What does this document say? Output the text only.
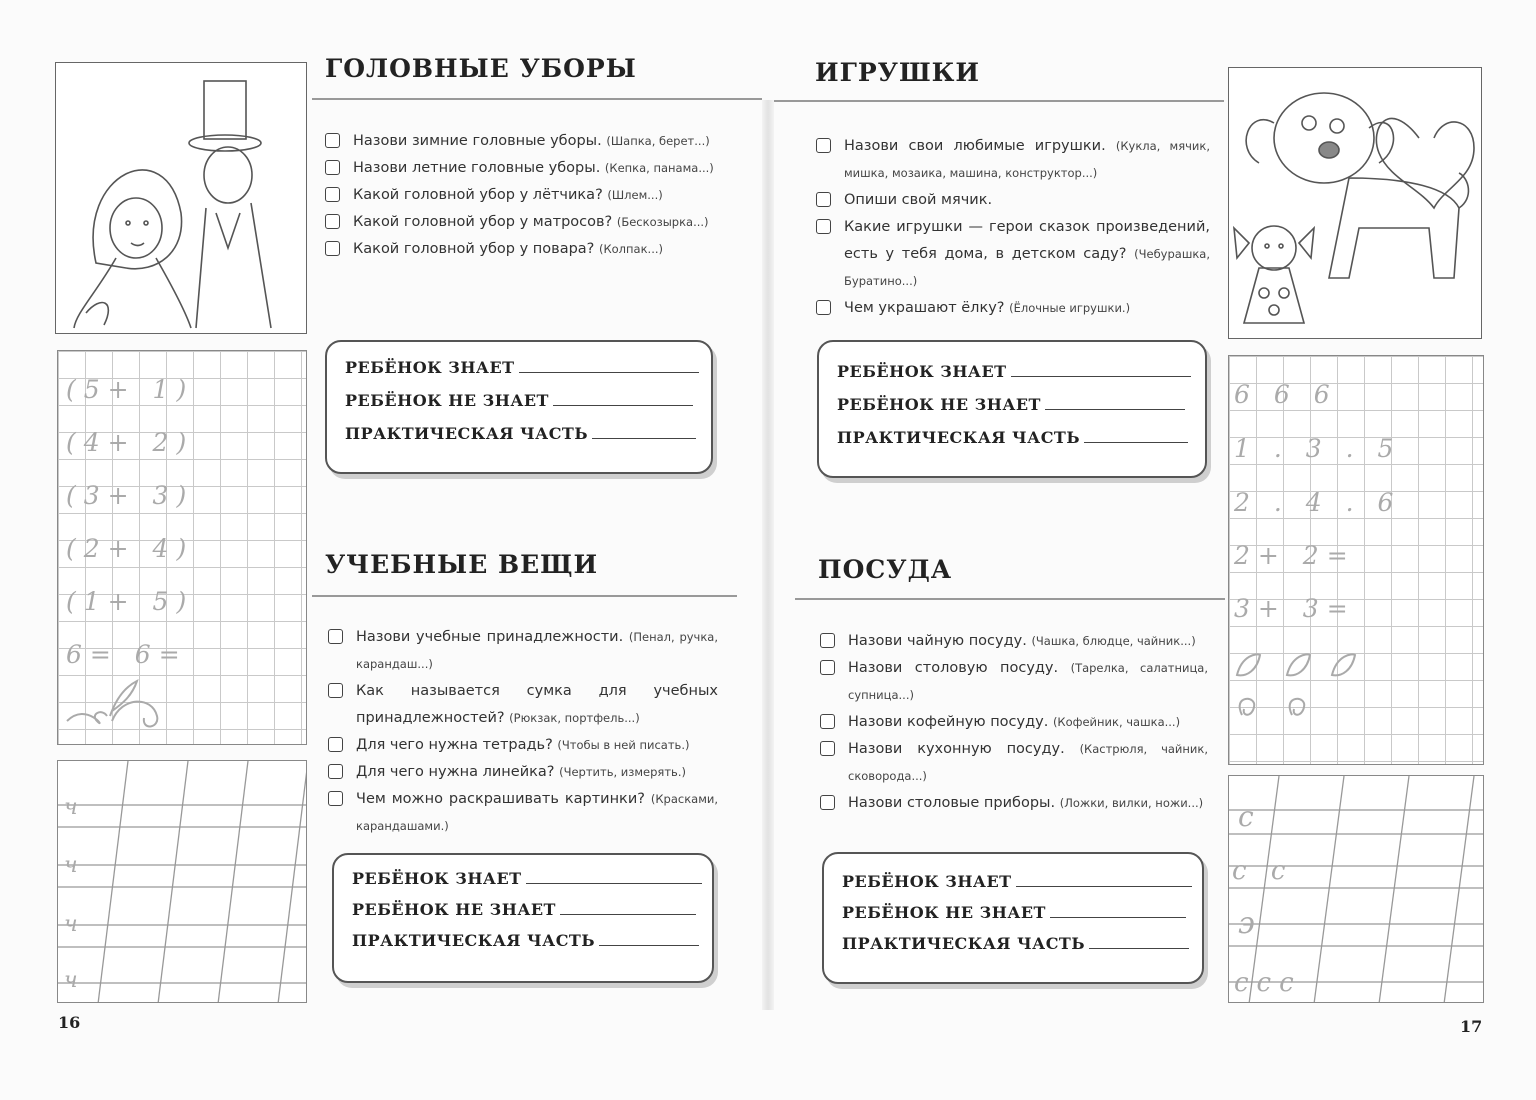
(5+ 1)
(4+ 2)
(3+ 3)
(2+ 4)
(1+ 5)
6= 6=
ч
ч
ч
ч
ГОЛОВНЫЕ УБОРЫ
Назови зимние головные уборы. (Шапка, берет...)
Назови летние головные уборы. (Кепка, панама...)
Какой головной убор у лётчика? (Шлем...)
Какой головной убор у матросов? (Бескозырка...)
Какой головной убор у повара? (Колпак...)
РЕБЁНОК ЗНАЕТ
РЕБЁНОК НЕ ЗНАЕТ
ПРАКТИЧЕСКАЯ ЧАСТЬ
УЧЕБНЫЕ ВЕЩИ
Назови учебные принадлежности. (Пенал, ручка, карандаш...)
Как называется сумка для учебных принадлежностей? (Рюкзак, портфель...)
Для чего нужна тетрадь? (Чтобы в ней писать.)
Для чего нужна линейка? (Чертить, измерять.)
Чем можно раскрашивать картинки? (Красками, карандашами.)
РЕБЁНОК ЗНАЕТ
РЕБЁНОК НЕ ЗНАЕТ
ПРАКТИЧЕСКАЯ ЧАСТЬ
16
ИГРУШКИ
Назови свои любимые игрушки. (Кукла, мячик, мишка, мозаика, машина, конструктор...)
Опиши свой мячик.
Какие игрушки — герои сказок произведений, есть у тебя дома, в детском саду? (Чебурашка, Буратино...)
Чем украшают ёлку? (Ёлочные игрушки.)
РЕБЁНОК ЗНАЕТ
РЕБЁНОК НЕ ЗНАЕТ
ПРАКТИЧЕСКАЯ ЧАСТЬ
ПОСУДА
Назови чайную посуду. (Чашка, блюдце, чайник...)
Назови столовую посуду. (Тарелка, салатница, супница...)
Назови кофейную посуду. (Кофейник, чашка...)
Назови кухонную посуду. (Кастрюля, чайник, сковорода...)
Назови столовые приборы. (Ложки, вилки, ножи...)
РЕБЁНОК ЗНАЕТ
РЕБЁНОК НЕ ЗНАЕТ
ПРАКТИЧЕСКАЯ ЧАСТЬ
6 6 6
1 . 3 . 5
2 . 4 . 6
2+ 2=
3+ 3=
с
с с
э
ссс
17
